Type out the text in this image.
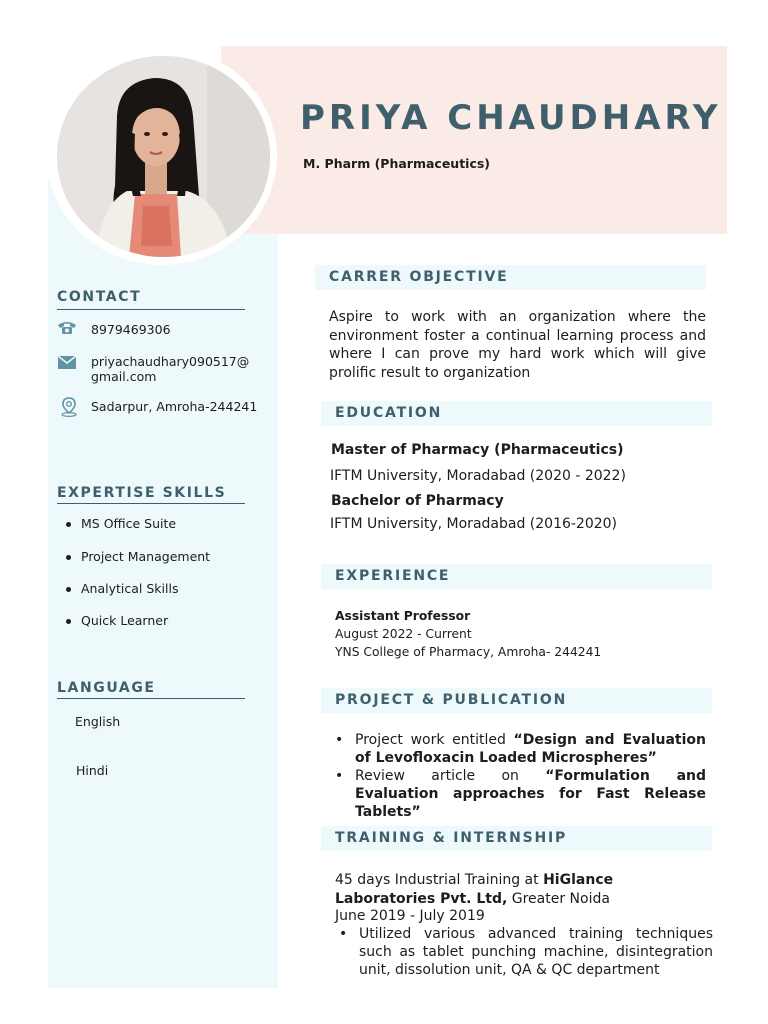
PRIYA CHAUDHARY
M. Pharm (Pharmaceutics)
CONTACT
8979469306
priyachaudhary090517@
gmail.com
Sadarpur, Amroha-244241
EXPERTISE SKILLS
MS Office Suite
Project Management
Analytical Skills
Quick Learner
LANGUAGE
English
Hindi
CARRER OBJECTIVE
Aspire to work with an organization where the environment foster a continual learning process and where I can prove my hard work which will give prolific result to organization
EDUCATION
Master of Pharmacy (Pharmaceutics)
IFTM University, Moradabad (2020 - 2022)
Bachelor of Pharmacy
IFTM University, Moradabad (2016-2020)
EXPERIENCE
Assistant Professor
August 2022 - Current
YNS College of Pharmacy, Amroha- 244241
PROJECT & PUBLICATION
• Project work entitled “Design and Evaluation of Levofloxacin Loaded Microspheres”
• Review article on “Formulation and Evaluation approaches for Fast Release Tablets”
TRAINING & INTERNSHIP
45 days Industrial Training at HiGlance Laboratories Pvt. Ltd, Greater Noida
June 2019 - July 2019
• Utilized various advanced training techniques such as tablet punching machine, disintegration unit, dissolution unit, QA & QC department
